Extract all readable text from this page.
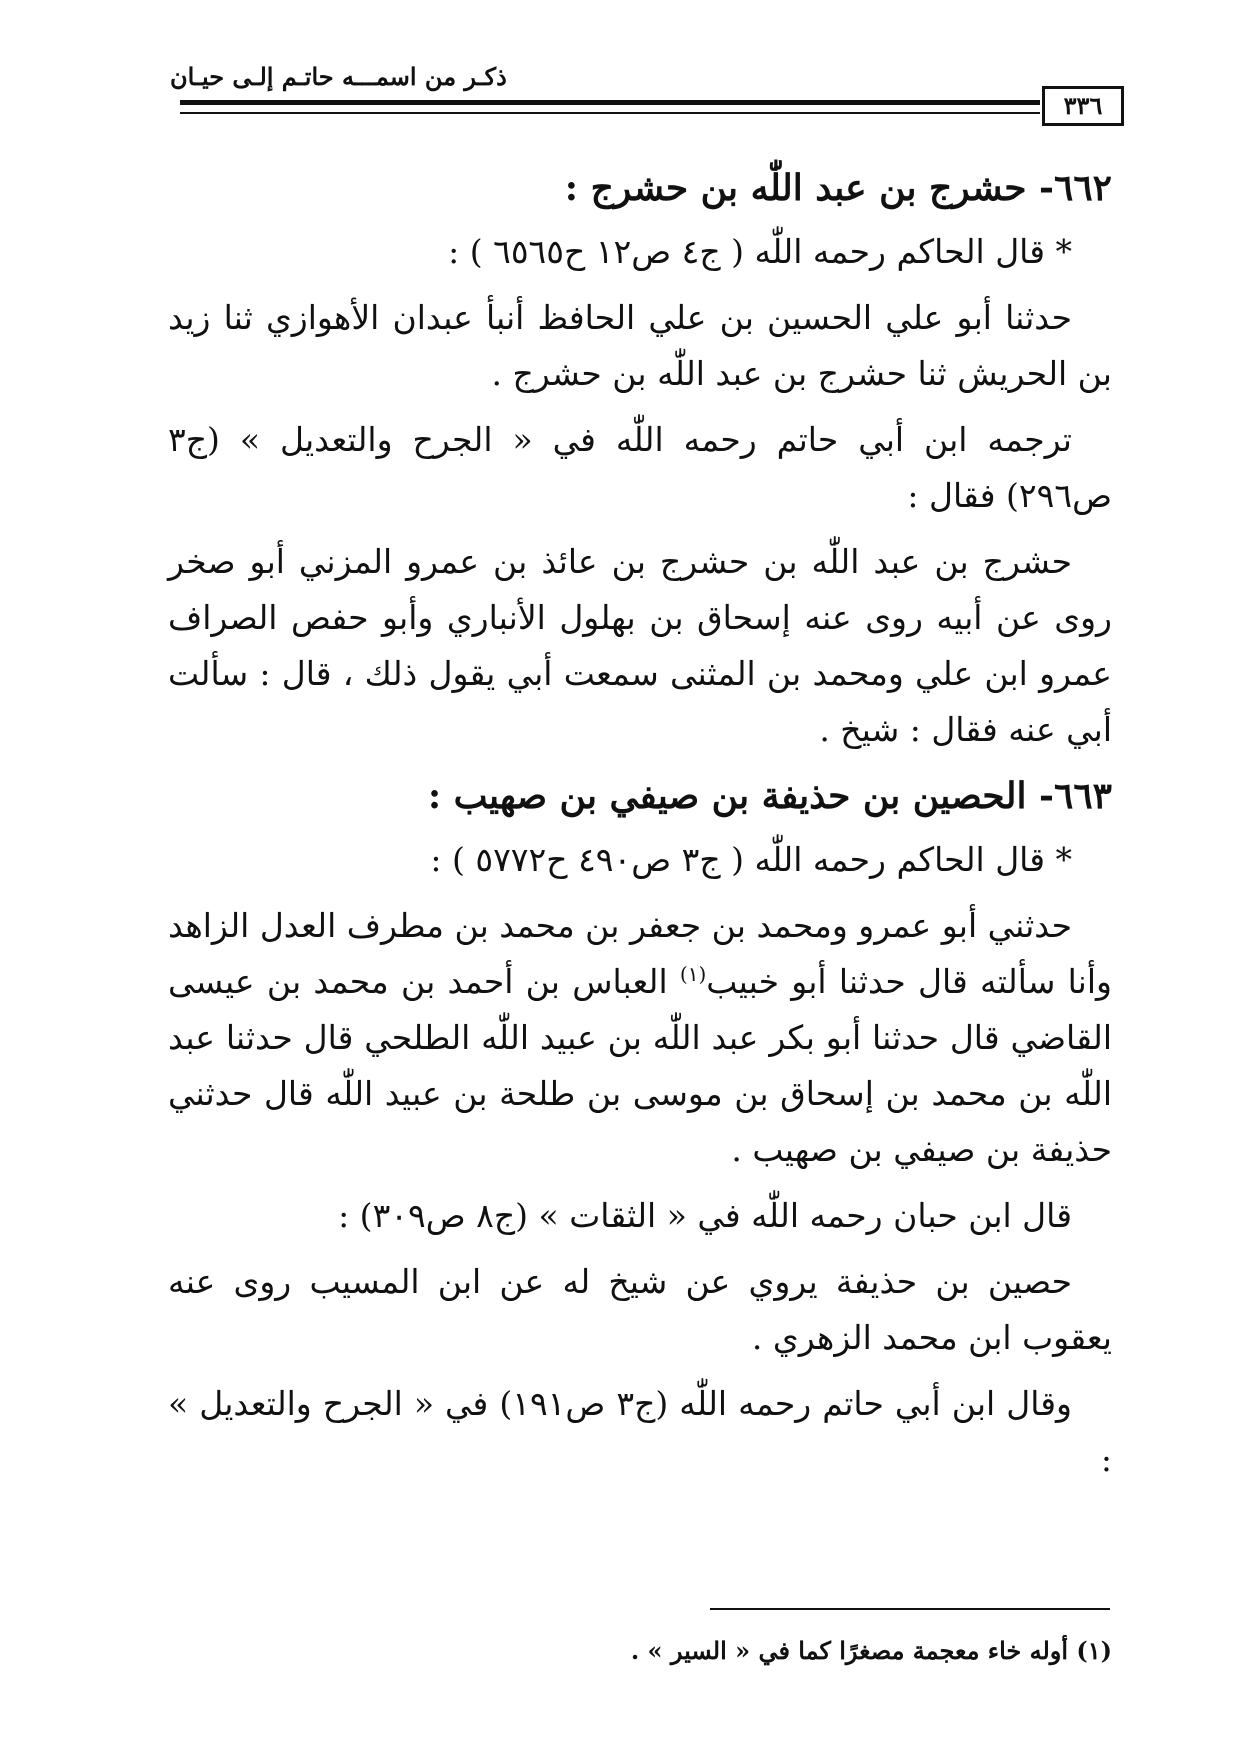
ذكـر من اسمـــه حاتـم إلـى حيـان
٣٣٦

٦٦٢- حشرج بن عبد اللّٰه بن حشرج :

* قال الحاكم رحمه اللّٰه ( ج٤ ص١٢ ح٦٥٦٥ ) :

حدثنا أبو علي الحسين بن علي الحافظ أنبأ عبدان الأهوازي ثنا زيد بن الحريش ثنا حشرج بن عبد اللّٰه بن حشرج .

ترجمه ابن أبي حاتم رحمه اللّٰه في « الجرح والتعديل » (ج٣ ص٢٩٦) فقال :

حشرج بن عبد اللّٰه بن حشرج بن عائذ بن عمرو المزني أبو صخر روى عن أبيه روى عنه إسحاق بن بهلول الأنباري وأبو حفص الصراف عمرو ابن علي ومحمد بن المثنى سمعت أبي يقول ذلك ، قال : سألت أبي عنه فقال : شيخ .

٦٦٣- الحصين بن حذيفة بن صيفي بن صهيب :

* قال الحاكم رحمه اللّٰه ( ج٣ ص٤٩٠ ح٥٧٧٢ ) :

حدثني أبو عمرو ومحمد بن جعفر بن محمد بن مطرف العدل الزاهد وأنا سألته قال حدثنا أبو خبيب$^{(١)}$ العباس بن أحمد بن محمد بن عيسى القاضي قال حدثنا أبو بكر عبد اللّٰه بن عبيد اللّٰه الطلحي قال حدثنا عبد اللّٰه بن محمد بن إسحاق بن موسى بن طلحة بن عبيد اللّٰه قال حدثني حذيفة بن صيفي بن صهيب .

قال ابن حبان رحمه اللّٰه في « الثقات » (ج٨ ص٣٠٩) :

حصين بن حذيفة يروي عن شيخ له عن ابن المسيب روى عنه يعقوب ابن محمد الزهري .

وقال ابن أبي حاتم رحمه اللّٰه (ج٣ ص١٩١) في « الجرح والتعديل » :

(١) أوله خاء معجمة مصغرًا كما في « السير » .
